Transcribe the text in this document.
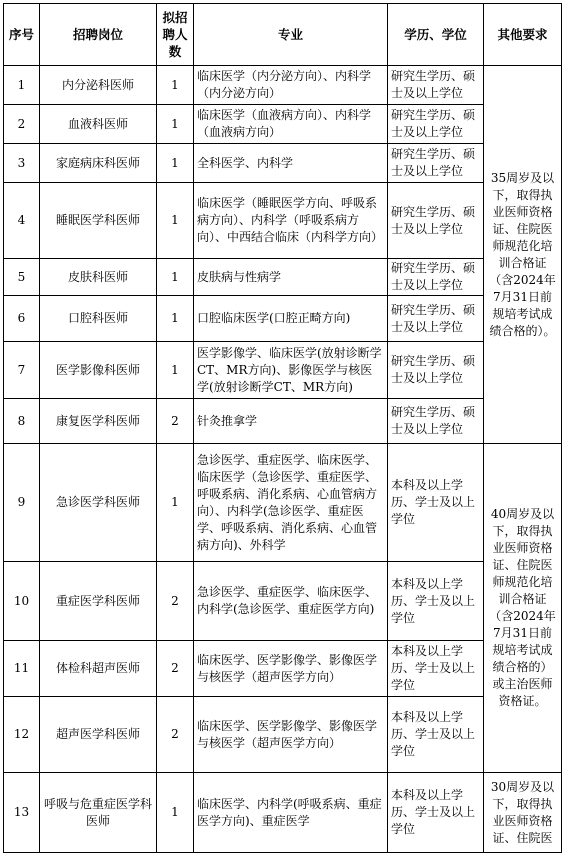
序号	招聘岗位	拟招聘人数	专业	学历、学位	其他要求
1	内分泌科医师	1	临床医学（内分泌方向）、内科学（内分泌方向）	研究生学历、硕士及以上学位	35周岁及以下，取得执业医师资格证、住院医师规范化培训合格证（含2024年7月31日前规培考试成绩合格的）。
2	血液科医师	1	临床医学（血液病方向）、内科学（血液病方向）	研究生学历、硕士及以上学位	
3	家庭病床科医师	1	全科医学、内科学	研究生学历、硕士及以上学位	
4	睡眠医学科医师	1	临床医学（睡眠医学方向、呼吸系病方向）、内科学（呼吸系病方向）、中西结合临床（内科学方向）	研究生学历、硕士及以上学位	
5	皮肤科医师	1	皮肤病与性病学	研究生学历、硕士及以上学位	
6	口腔科医师	1	口腔临床医学(口腔正畸方向)	研究生学历、硕士及以上学位	
7	医学影像科医师	1	医学影像学、临床医学(放射诊断学CT、MR方向)、影像医学与核医学(放射诊断学CT、MR方向)	研究生学历、硕士及以上学位	
8	康复医学科医师	2	针灸推拿学	研究生学历、硕士及以上学位	
9	急诊医学科医师	1	急诊医学、重症医学、临床医学、临床医学（急诊医学、重症医学、呼吸系病、消化系病、心血管病方向）、内科学(急诊医学、重症医学、呼吸系病、消化系病、心血管病方向)、外科学	本科及以上学历、学士及以上学位	40周岁及以下，取得执业医师资格证、住院医师规范化培训合格证（含2024年7月31日前规培考试成绩合格的）或主治医师资格证。
10	重症医学科医师	2	急诊医学、重症医学、临床医学、内科学(急诊医学、重症医学方向)	本科及以上学历、学士及以上学位	
11	体检科超声医师	2	临床医学、医学影像学、影像医学与核医学（超声医学方向）	本科及以上学历、学士及以上学位	
12	超声医学科医师	2	临床医学、医学影像学、影像医学与核医学（超声医学方向）	本科及以上学历、学士及以上学位	
13	呼吸与危重症医学科医师	1	临床医学、内科学(呼吸系病、重症医学方向)、重症医学	本科及以上学历、学士及以上学位	30周岁及以下，取得执业医师资格证、住院医
